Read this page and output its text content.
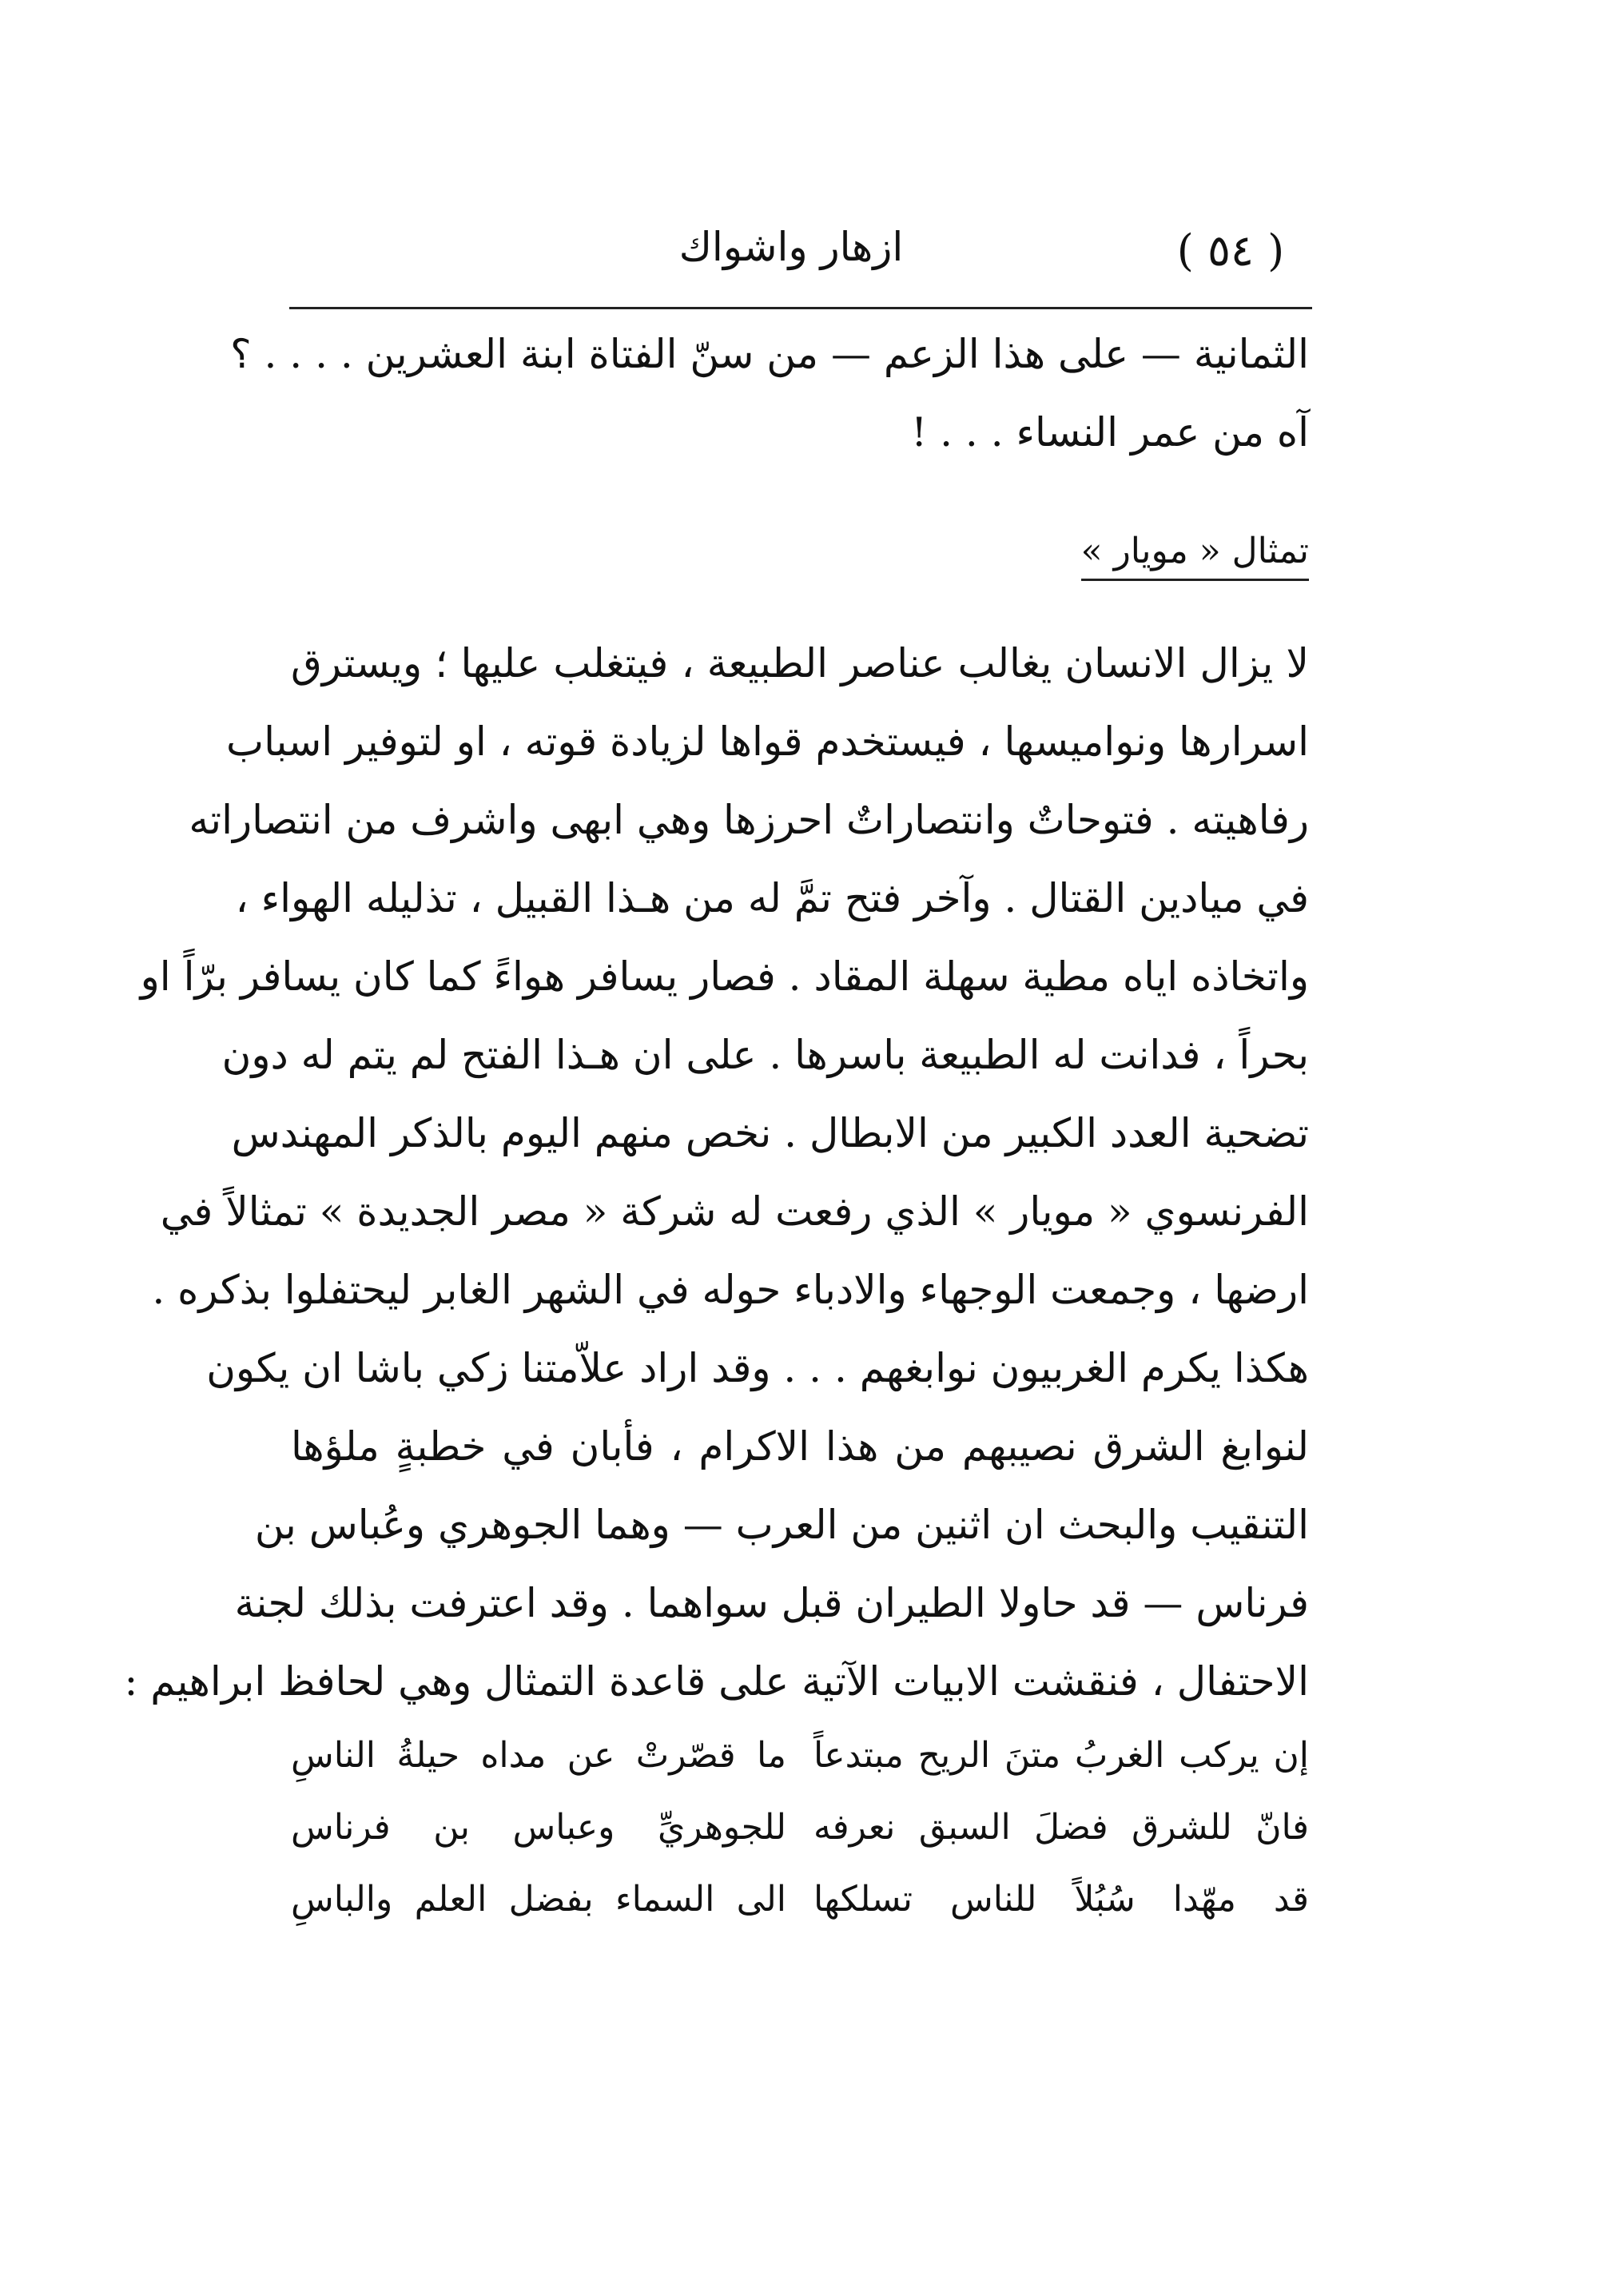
ازهار واشواك	( ٥٤ )
الثمانية — على هذا الزعم — من سنّ الفتاة ابنة العشرين . . . . ؟
آه من عمر النساء . . . !
تمثال « مويار »
لا يزال الانسان يغالب عناصر الطبيعة ، فيتغلب عليها ؛ ويسترق
اسرارها ونواميسها ، فيستخدم قواها لزيادة قوته ، او لتوفير اسباب
رفاهيته . فتوحاتٌ وانتصاراتٌ احرزها وهي ابهى واشرف من انتصاراته
في ميادين القتال . وآخر فتح تمَّ له من هـذا القبيل ، تذليله الهواء ،
واتخاذه اياه مطية سهلة المقاد . فصار يسافر هواءً كما كان يسافر برّاً او
بحراً ، فدانت له الطبيعة باسرها . على ان هـذا الفتح لم يتم له دون
تضحية العدد الكبير من الابطال . نخص منهم اليوم بالذكر المهندس
الفرنسوي « مويار » الذي رفعت له شركة « مصر الجديدة » تمثالاً في
ارضها ، وجمعت الوجهاء والادباء حوله في الشهر الغابر ليحتفلوا بذكره .
هكذا يكرم الغربيون نوابغهم . . . وقد اراد علاّمتنا زكي باشا ان يكون
لنوابغ الشرق نصيبهم من هذا الاكرام ، فأبان في خطبةٍ ملؤها
التنقيب والبحث ان اثنين من العرب — وهما الجوهري وعُباس بن
فرناس — قد حاولا الطيران قبل سواهما . وقد اعترفت بذلك لجنة
الاحتفال ، فنقشت الابيات الآتية على قاعدة التمثال وهي لحافظ ابراهيم :
إن يركب الغربُ متنَ الريح مبتدعاً
ما قصّرتْ عن مداه حيلةُ الناسِ
فانّ للشرق فضلَ السبق نعرفه
للجوهريِّ وعباس بن فرناس
قد مهّدا سُبُلاً للناس تسلكها
الى السماء بفضل العلم والباسِ
